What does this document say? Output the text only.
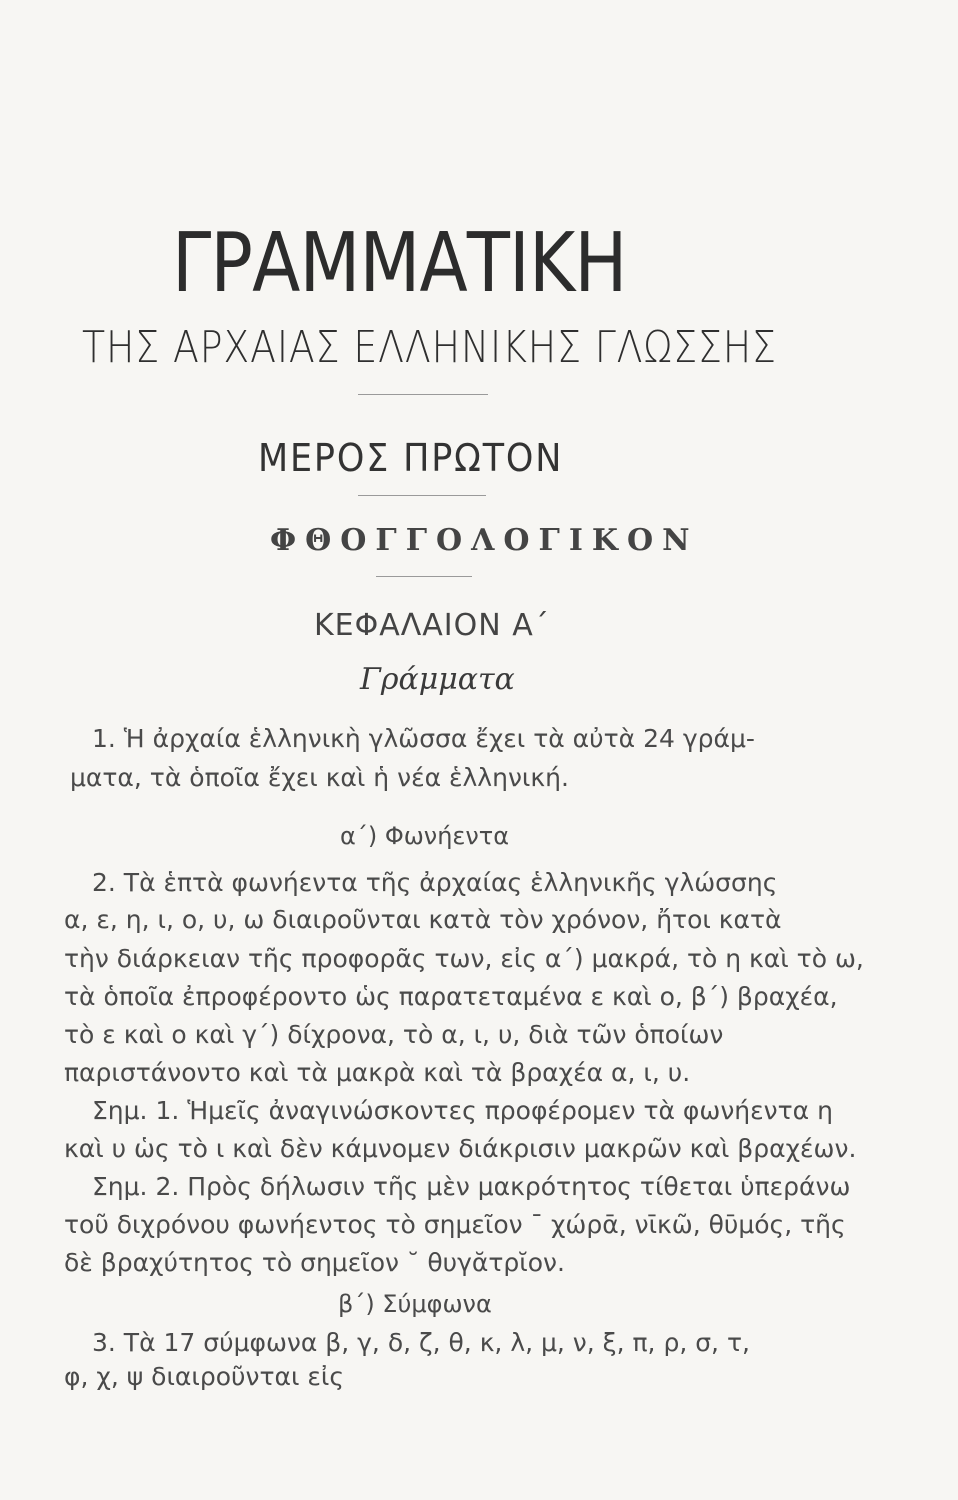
ΓΡΑΜΜΑΤΙΚΗ
ΤΗΣ ΑΡΧΑΙΑΣ ΕΛΛΗΝΙΚΗΣ ΓΛΩΣΣΗΣ
ΜΕΡΟΣ ΠΡΩΤΟΝ
ΦΘΟΓΓΟΛΟΓΙΚΟΝ
ΚΕΦΑΛΑΙΟΝ Α΄
Γράμματα
1. Ἡ ἀρχαία ἑλληνικὴ γλῶσσα ἔχει τὰ αὐτὰ 24 γράμ-
ματα, τὰ ὁποῖα ἔχει καὶ ἡ νέα ἑλληνική.
α΄) Φωνήεντα
2. Τὰ ἑπτὰ φωνήεντα τῆς ἀρχαίας ἑλληνικῆς γλώσσης
α, ε, η, ι, ο, υ, ω διαιροῦνται κατὰ τὸν χρόνον, ἤτοι κατὰ
τὴν διάρκειαν τῆς προφορᾶς των, εἰς α΄) μακρά, τὸ η καὶ τὸ ω,
τὰ ὁποῖα ἐπροφέροντο ὡς παρατεταμένα ε καὶ ο, β΄) βραχέα,
τὸ ε καὶ ο καὶ γ΄) δίχρονα, τὸ α, ι, υ, διὰ τῶν ὁποίων
παριστάνοντο καὶ τὰ μακρὰ καὶ τὰ βραχέα α, ι, υ.
Σημ. 1. Ἡμεῖς ἀναγινώσκοντες προφέρομεν τὰ φωνήεντα η
καὶ υ ὡς τὸ ι καὶ δὲν κάμνομεν διάκρισιν μακρῶν καὶ βραχέων.
Σημ. 2. Πρὸς δήλωσιν τῆς μὲν μακρότητος τίθεται ὑπεράνω
τοῦ διχρόνου φωνήεντος τὸ σημεῖον ¯ χώρᾱ, νῑκῶ, θῡμός, τῆς
δὲ βραχύτητος τὸ σημεῖον ˘ θυγᾰτρῐον.
β΄) Σύμφωνα
3. Τὰ 17 σύμφωνα β, γ, δ, ζ, θ, κ, λ, μ, ν, ξ, π, ρ, σ, τ,
φ, χ, ψ διαιροῦνται εἰς
